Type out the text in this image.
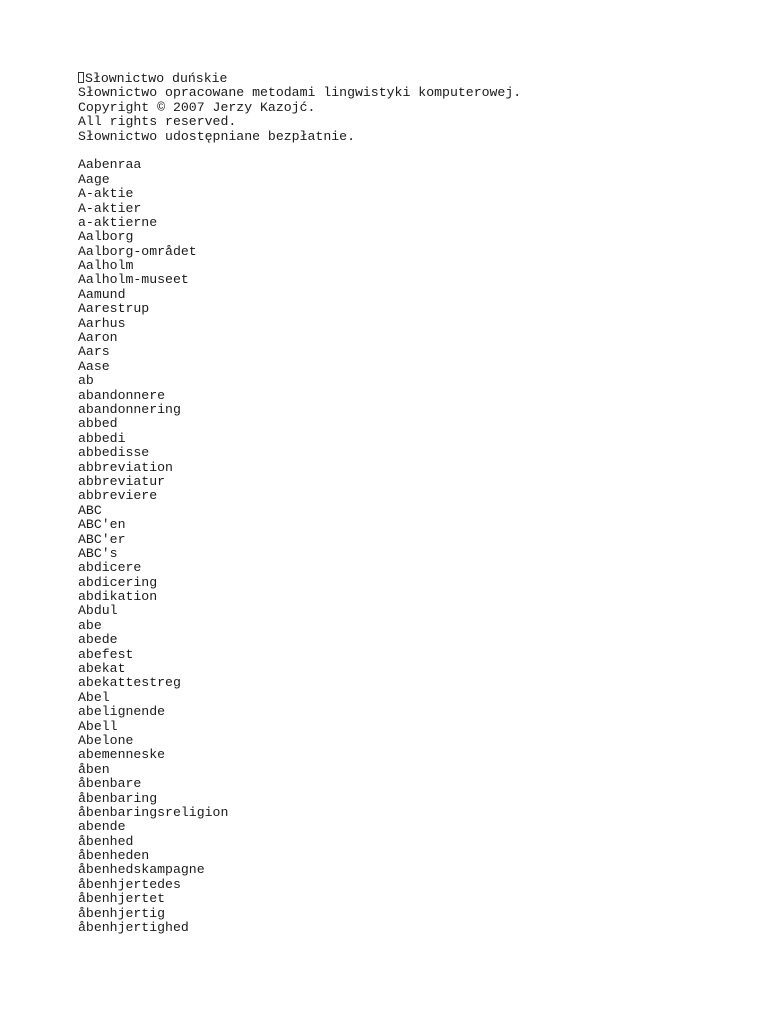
Słownictwo duńskie
Słownictwo opracowane metodami lingwistyki komputerowej.
Copyright © 2007 Jerzy Kazojć.
All rights reserved.
Słownictwo udostępniane bezpłatnie.
Aabenraa
Aage
A-aktie
A-aktier
a-aktierne
Aalborg
Aalborg-området
Aalholm
Aalholm-museet
Aamund
Aarestrup
Aarhus
Aaron
Aars
Aase
ab
abandonnere
abandonnering
abbed
abbedi
abbedisse
abbreviation
abbreviatur
abbreviere
ABC
ABC'en
ABC'er
ABC's
abdicere
abdicering
abdikation
Abdul
abe
abede
abefest
abekat
abekattestreg
Abel
abelignende
Abell
Abelone
abemenneske
åben
åbenbare
åbenbaring
åbenbaringsreligion
abende
åbenhed
åbenheden
åbenhedskampagne
åbenhjertedes
åbenhjertet
åbenhjertig
åbenhjertighed
